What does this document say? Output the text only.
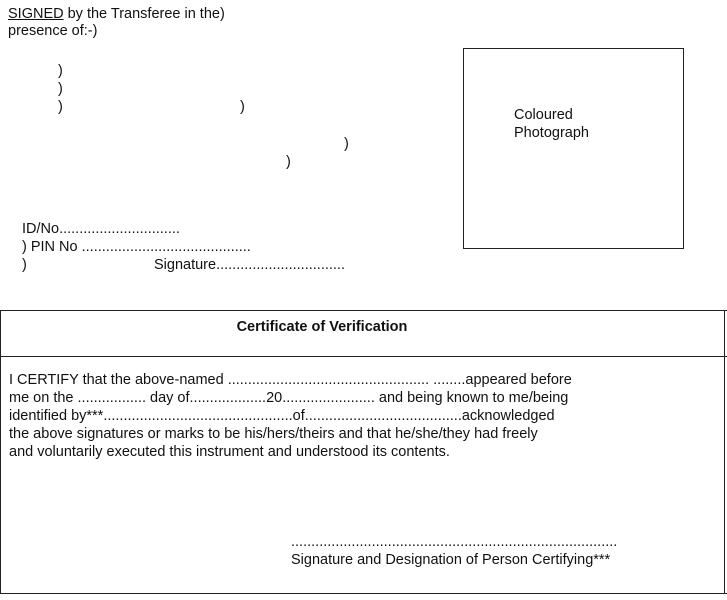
SIGNED by the Transferee in the)
presence of:-)
)
)
)	)
)
)
ID/No..............................
) PIN No ..........................................
)	Signature................................
Coloured
Photograph
Certificate of Verification
I CERTIFY that the above-named .................................................. ........appeared before
me on the ................. day of...................20....................... and being known to me/being
identified by***...............................................of.......................................acknowledged
the above signatures or marks to be his/hers/theirs and that he/she/they had freely
and voluntarily executed this instrument and understood its contents.
.................................................................................
Signature and Designation of Person Certifying***
